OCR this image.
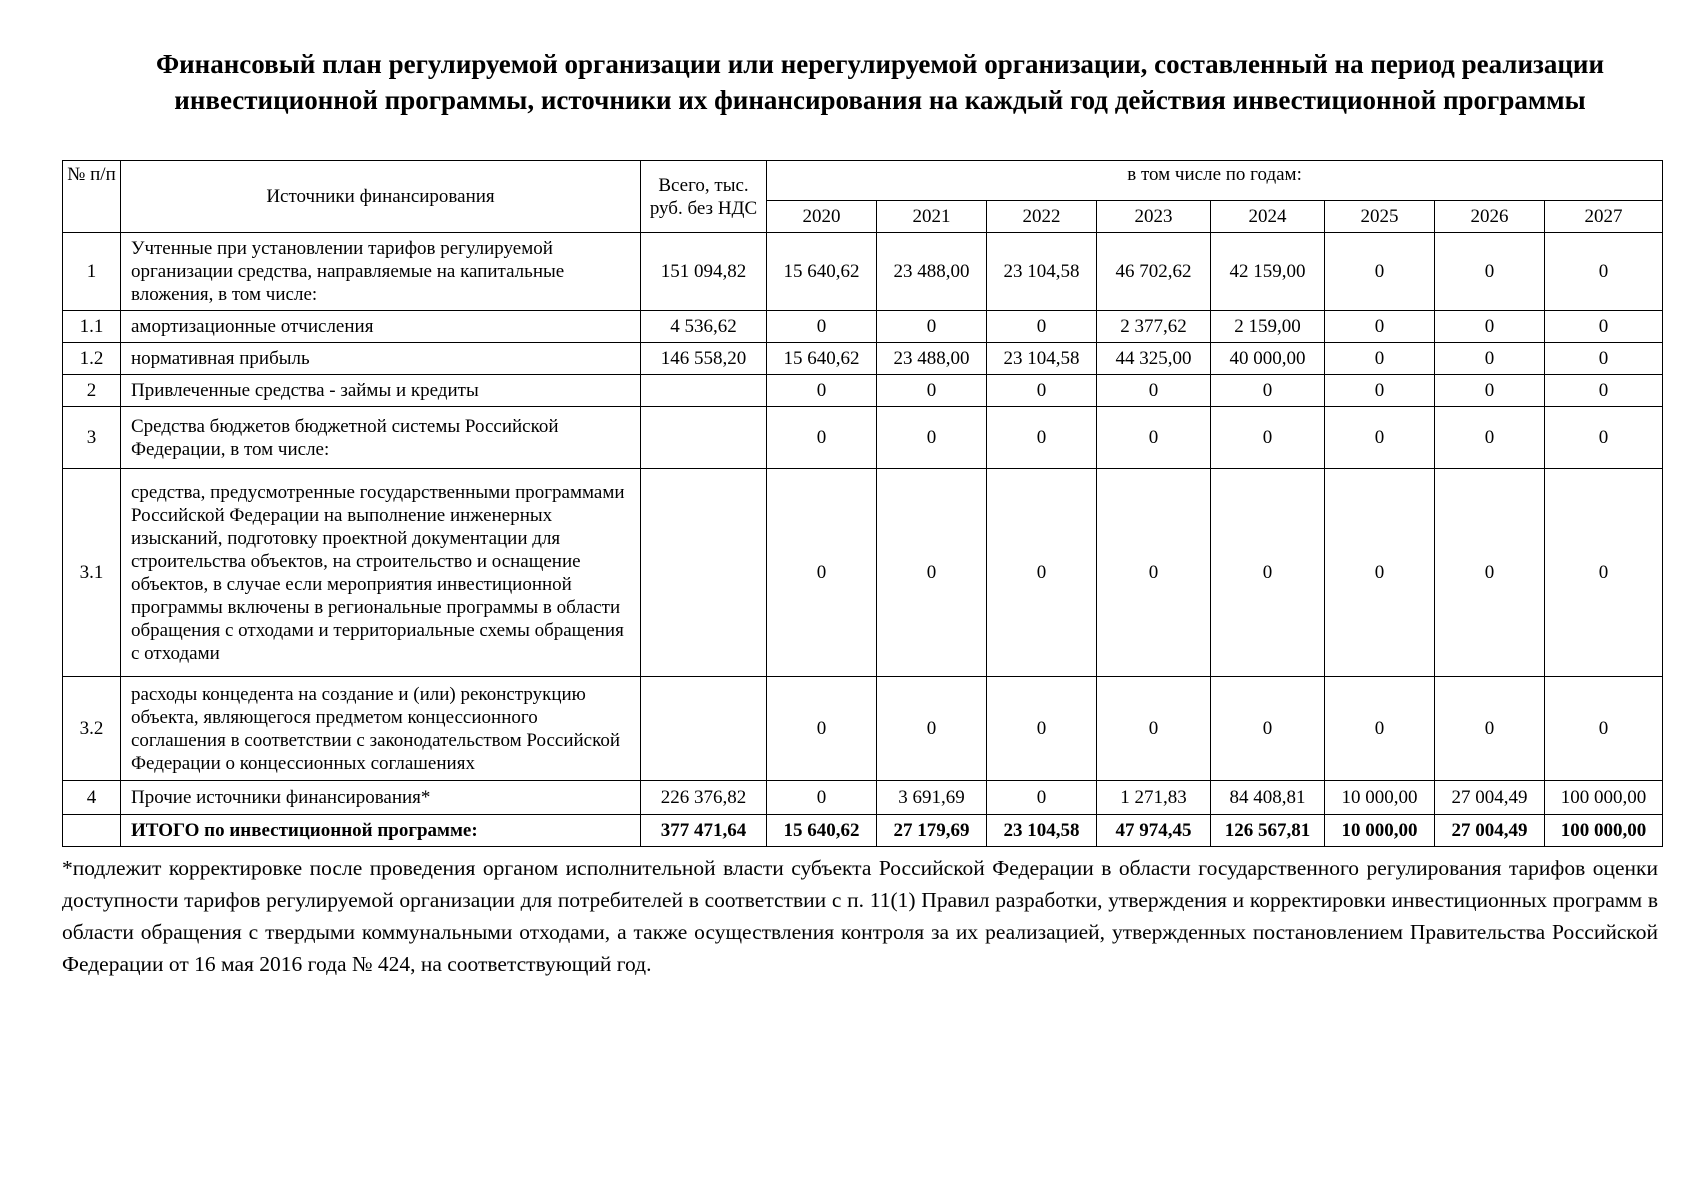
Финансовый план регулируемой организации или нерегулируемой организации, составленный на период реализации инвестиционной программы, источники их финансирования на каждый год действия инвестиционной программы
№ п/п	Источники финансирования	Всего, тыс. руб. без НДС	в том числе по годам:							
			2020	2021	2022	2023	2024	2025	2026	2027
1	Учтенные при установлении тарифов регулируемой организации средства, направляемые на капитальные вложения, в том числе:	151 094,82	15 640,62	23 488,00	23 104,58	46 702,62	42 159,00	0	0	0
1.1	амортизационные отчисления	4 536,62	0	0	0	2 377,62	2 159,00	0	0	0
1.2	нормативная прибыль	146 558,20	15 640,62	23 488,00	23 104,58	44 325,00	40 000,00	0	0	0
2	Привлеченные средства - займы и кредиты		0	0	0	0	0	0	0	0
3	Средства бюджетов бюджетной системы Российской Федерации, в том числе:		0	0	0	0	0	0	0	0
3.1	средства, предусмотренные государственными программами Российской Федерации на выполнение инженерных изысканий, подготовку проектной документации для строительства объектов, на строительство и оснащение объектов, в случае если мероприятия инвестиционной программы включены в региональные программы в области обращения с отходами и территориальные схемы обращения с отходами		0	0	0	0	0	0	0	0
3.2	расходы концедента на создание и (или) реконструкцию объекта, являющегося предметом концессионного соглашения в соответствии с законодательством Российской Федерации о концессионных соглашениях		0	0	0	0	0	0	0	0
4	Прочие источники финансирования*	226 376,82	0	3 691,69	0	1 271,83	84 408,81	10 000,00	27 004,49	100 000,00
	ИТОГО по инвестиционной программе:	377 471,64	15 640,62	27 179,69	23 104,58	47 974,45	126 567,81	10 000,00	27 004,49	100 000,00
*подлежит корректировке после проведения органом исполнительной власти субъекта Российской Федерации в области государственного регулирования тарифов оценки доступности тарифов регулируемой организации для потребителей в соответствии с п. 11(1) Правил разработки, утверждения и корректировки инвестиционных программ в области обращения с твердыми коммунальными отходами, а также осуществления контроля за их реализацией, утвержденных постановлением Правительства Российской Федерации от 16 мая 2016 года № 424, на соответствующий год.
